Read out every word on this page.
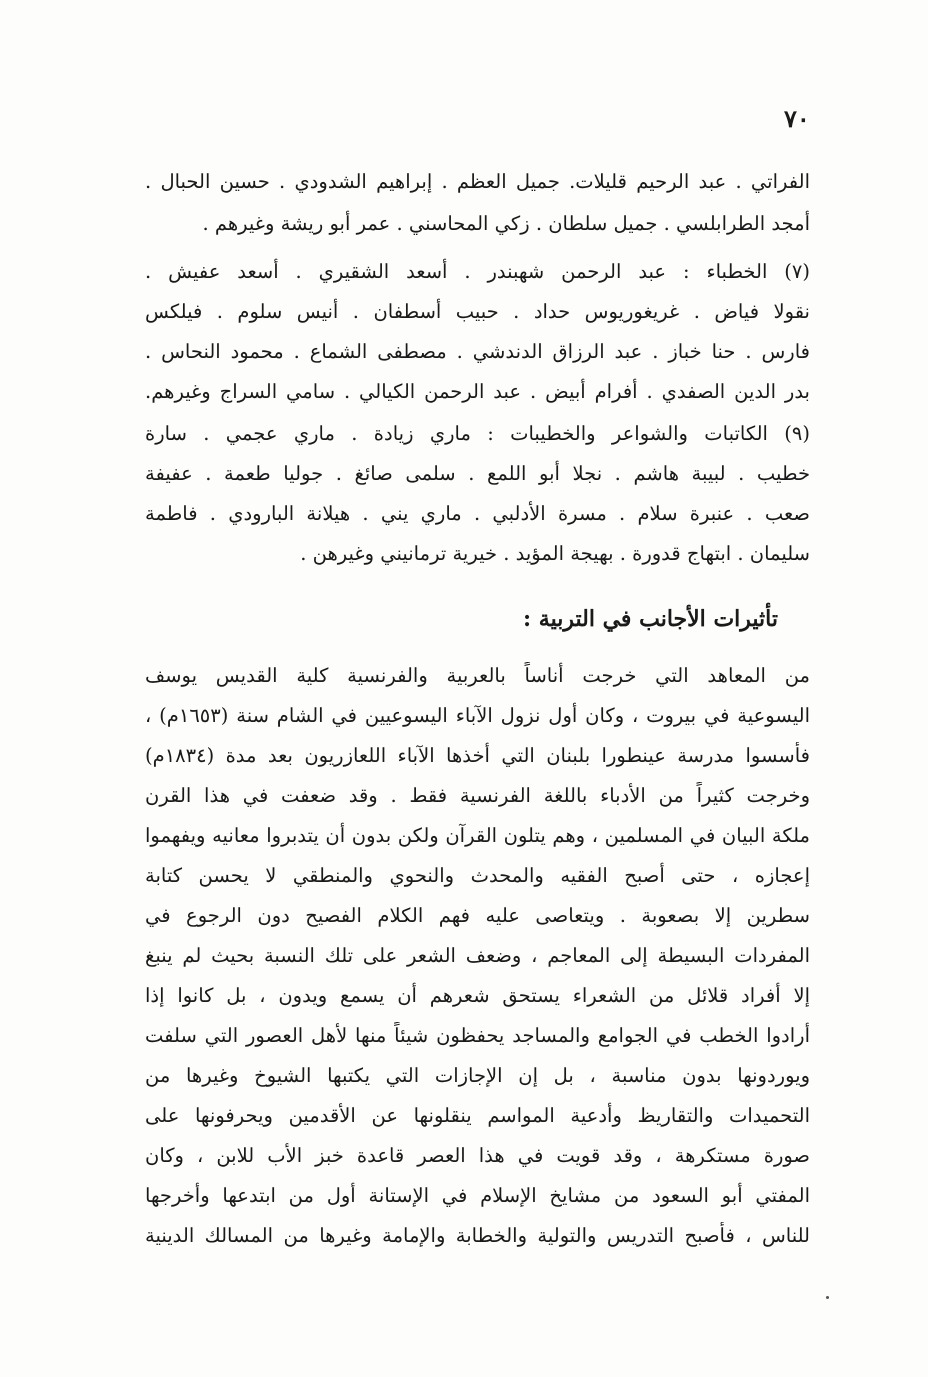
٧٠
الفراتي . عبد الرحيم قليلات. جميل العظم . إبراهيم الشدودي . حسين الحبال .
أمجد الطرابلسي . جميل سلطان . زكي المحاسني . عمر أبو ريشة وغيرهم .
(٧) الخطباء : عبد الرحمن شهبندر . أسعد الشقيري . أسعد عفيش .
نقولا فياض . غريغوريوس حداد . حبيب أسطفان . أنيس سلوم . فيلكس
فارس . حنا خباز . عبد الرزاق الدندشي . مصطفى الشماع . محمود النحاس .
بدر الدين الصفدي . أفرام أبيض . عبد الرحمن الكيالي . سامي السراج وغيرهم.
(٩) الكاتبات والشواعر والخطيبات : ماري زيادة . ماري عجمي . سارة
خطيب . لبيبة هاشم . نجلا أبو اللمع . سلمى صائغ . جوليا طعمة . عفيفة
صعب . عنبرة سلام . مسرة الأدلبي . ماري يني . هيلانة البارودي . فاطمة
سليمان . ابتهاج قدورة . بهيجة المؤيد . خيرية ترمانيني وغيرهن .
تأثيرات الأجانب في التربية :
من المعاهد التي خرجت أناساً بالعربية والفرنسية كلية القديس يوسف
اليسوعية في بيروت ، وكان أول نزول الآباء اليسوعيين في الشام سنة (١٦٥٣م) ،
فأسسوا مدرسة عينطورا بلبنان التي أخذها الآباء اللعازريون بعد مدة (١٨٣٤م)
وخرجت كثيراً من الأدباء باللغة الفرنسية فقط . وقد ضعفت في هذا القرن
ملكة البيان في المسلمين ، وهم يتلون القرآن ولكن بدون أن يتدبروا معانيه ويفهموا
إعجازه ، حتى أصبح الفقيه والمحدث والنحوي والمنطقي لا يحسن كتابة
سطرين إلا بصعوبة . ويتعاصى عليه فهم الكلام الفصيح دون الرجوع في
المفردات البسيطة إلى المعاجم ، وضعف الشعر على تلك النسبة بحيث لم ينبغ
إلا أفراد قلائل من الشعراء يستحق شعرهم أن يسمع ويدون ، بل كانوا إذا
أرادوا الخطب في الجوامع والمساجد يحفظون شيئاً منها لأهل العصور التي سلفت
ويوردونها بدون مناسبة ، بل إن الإجازات التي يكتبها الشيوخ وغيرها من
التحميدات والتقاريظ وأدعية المواسم ينقلونها عن الأقدمين ويحرفونها على
صورة مستكرهة ، وقد قويت في هذا العصر قاعدة خبز الأب للابن ، وكان
المفتي أبو السعود من مشايخ الإسلام في الإستانة أول من ابتدعها وأخرجها
للناس ، فأصبح التدريس والتولية والخطابة والإمامة وغيرها من المسالك الدينية
